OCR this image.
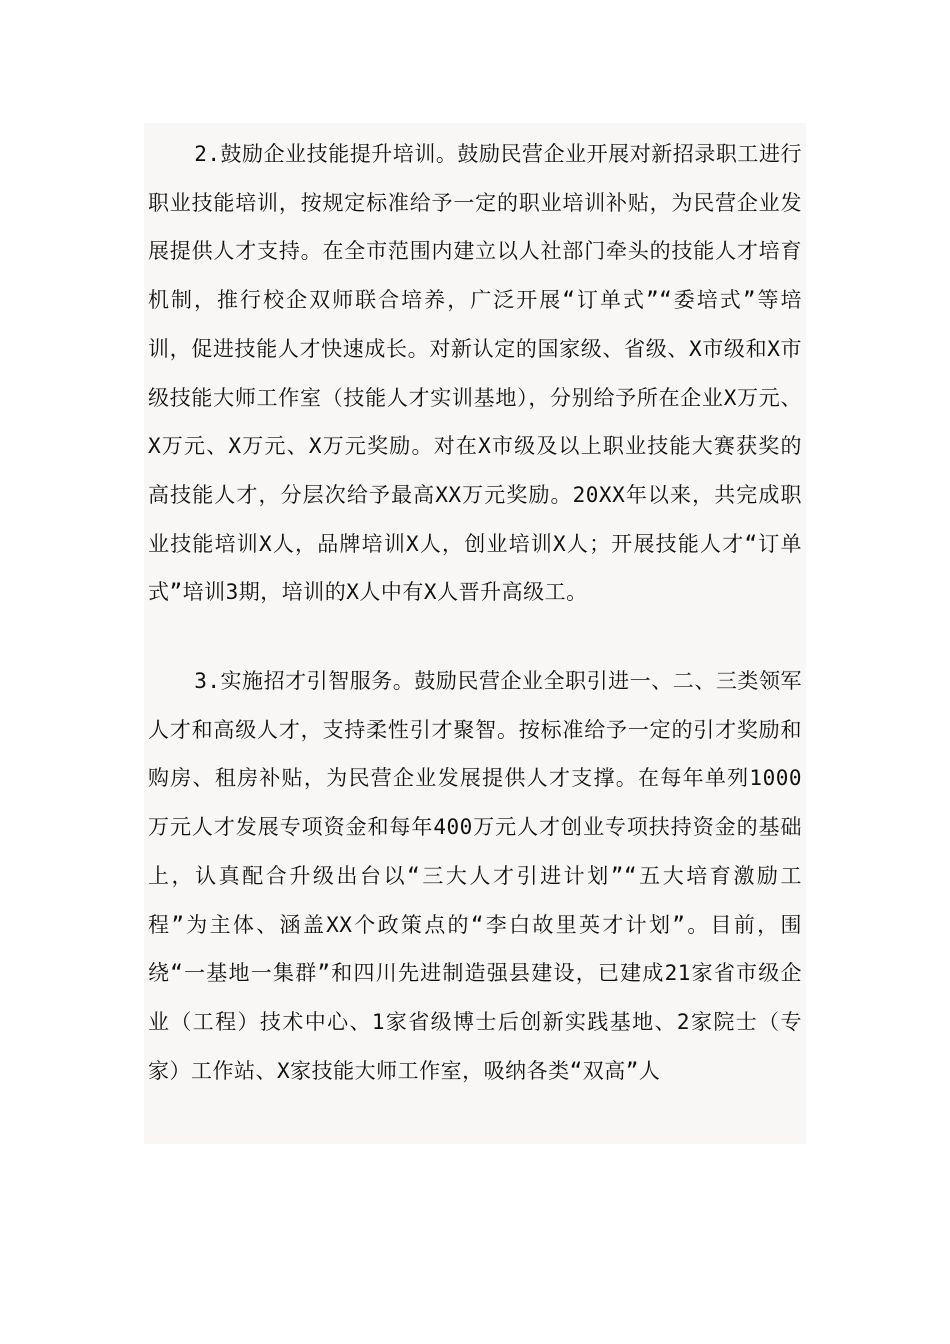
2.鼓励企业技能提升培训。鼓励民营企业开展对新招录职工进行职业技能培训，按规定标准给予一定的职业培训补贴，为民营企业发展提供人才支持。在全市范围内建立以人社部门牵头的技能人才培育机制，推行校企双师联合培养，广泛开展“订单式”“委培式”等培训，促进技能人才快速成长。对新认定的国家级、省级、X市级和X市级技能大师工作室（技能人才实训基地），分别给予所在企业X万元、X万元、X万元、X万元奖励。对在X市级及以上职业技能大赛获奖的高技能人才，分层次给予最高XX万元奖励。20XX年以来，共完成职业技能培训X人，品牌培训X人，创业培训X人；开展技能人才“订单式”培训3期，培训的X人中有X人晋升高级工。

3.实施招才引智服务。鼓励民营企业全职引进一、二、三类领军人才和高级人才，支持柔性引才聚智。按标准给予一定的引才奖励和购房、租房补贴，为民营企业发展提供人才支撑。在每年单列1000万元人才发展专项资金和每年400万元人才创业专项扶持资金的基础上，认真配合升级出台以“三大人才引进计划”“五大培育激励工程”为主体、涵盖XX个政策点的“李白故里英才计划”。目前，围绕“一基地一集群”和四川先进制造强县建设，已建成21家省市级企业（工程）技术中心、1家省级博士后创新实践基地、2家院士（专家）工作站、X家技能大师工作室，吸纳各类“双高”人
